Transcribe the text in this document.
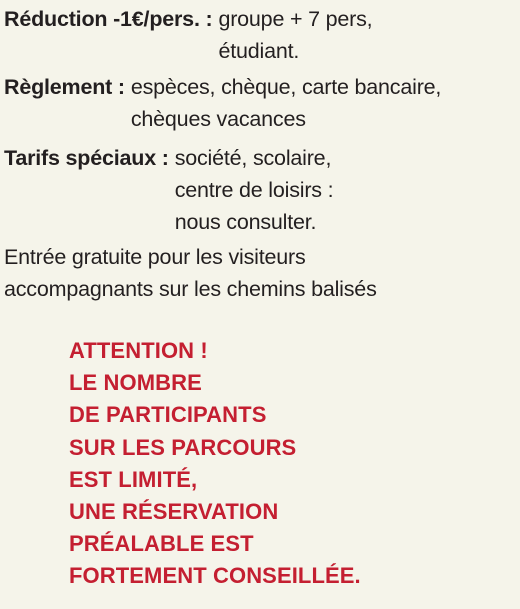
Réduction -1€/pers. : groupe + 7 pers,
étudiant.
Règlement : espèces, chèque, carte bancaire,
chèques vacances
Tarifs spéciaux : société, scolaire,
centre de loisirs :
nous consulter.
Entrée gratuite pour les visiteurs
accompagnants sur les chemins balisés
ATTENTION !
LE NOMBRE
DE PARTICIPANTS
SUR LES PARCOURS
EST LIMITÉ,
UNE RÉSERVATION
PRÉALABLE EST
FORTEMENT CONSEILLÉE.
